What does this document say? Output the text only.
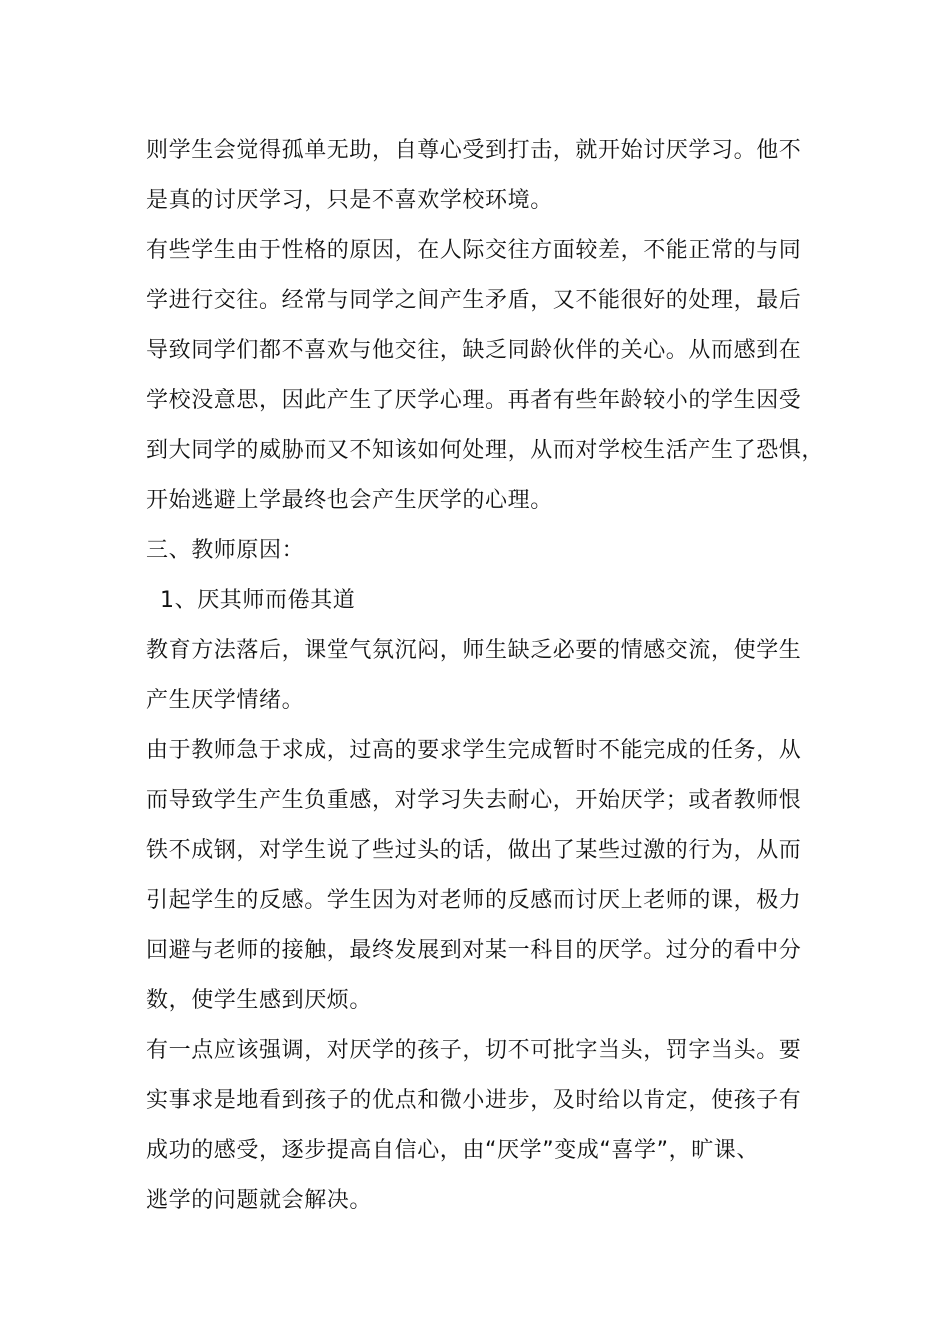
则学生会觉得孤单无助，自尊心受到打击，就开始讨厌学习。他不
是真的讨厌学习，只是不喜欢学校环境。
有些学生由于性格的原因，在人际交往方面较差，不能正常的与同
学进行交往。经常与同学之间产生矛盾，又不能很好的处理，最后
导致同学们都不喜欢与他交往，缺乏同龄伙伴的关心。从而感到在
学校没意思，因此产生了厌学心理。再者有些年龄较小的学生因受
到大同学的威胁而又不知该如何处理，从而对学校生活产生了恐惧，
开始逃避上学最终也会产生厌学的心理。
三、教师原因：
1、厌其师而倦其道
教育方法落后，课堂气氛沉闷，师生缺乏必要的情感交流，使学生
产生厌学情绪。
由于教师急于求成，过高的要求学生完成暂时不能完成的任务，从
而导致学生产生负重感，对学习失去耐心，开始厌学；或者教师恨
铁不成钢，对学生说了些过头的话，做出了某些过激的行为，从而
引起学生的反感。学生因为对老师的反感而讨厌上老师的课，极力
回避与老师的接触，最终发展到对某一科目的厌学。过分的看中分
数，使学生感到厌烦。
有一点应该强调，对厌学的孩子，切不可批字当头，罚字当头。要
实事求是地看到孩子的优点和微小进步，及时给以肯定，使孩子有
成功的感受，逐步提高自信心，由“厌学”变成“喜学”，旷课、
逃学的问题就会解决。
